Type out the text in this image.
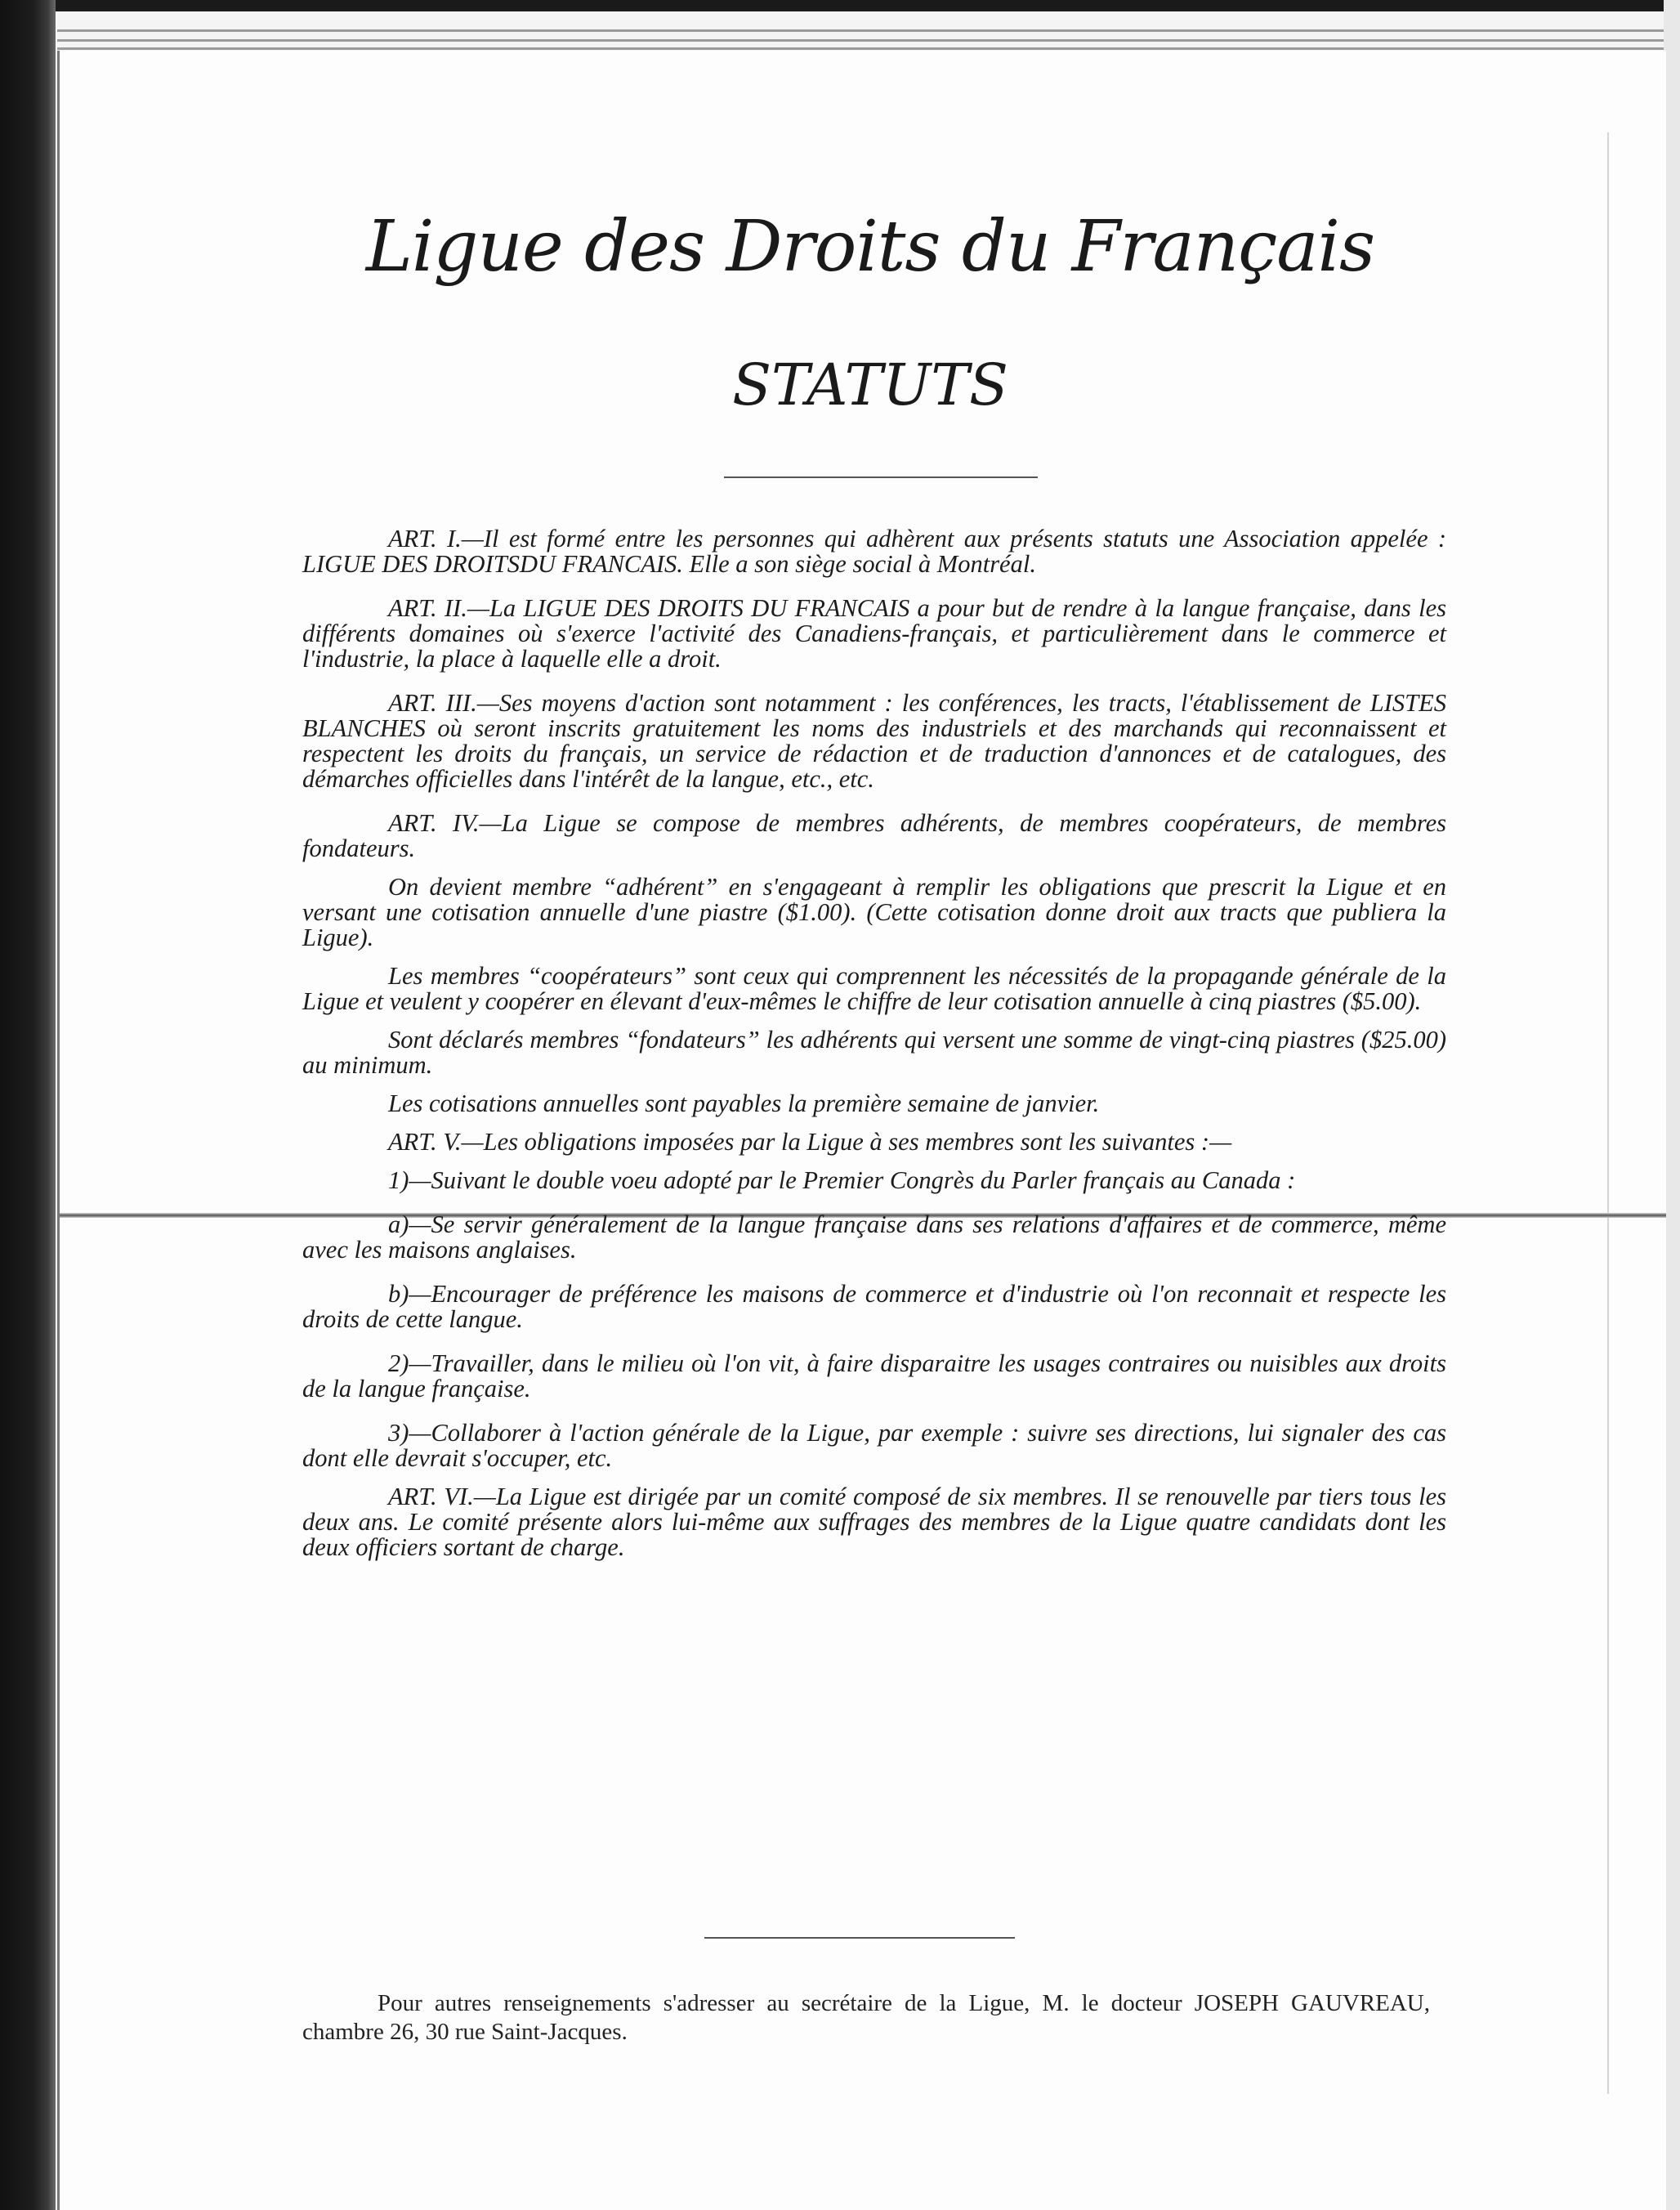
Ligue des Droits du Français
STATUTS

ART. I.—Il est formé entre les personnes qui adhèrent aux présents statuts une Association appelée : LIGUE DES DROITSDU FRANCAIS. Elle a son siège social à Montréal.

ART. II.—La LIGUE DES DROITS DU FRANCAIS a pour but de rendre à la langue française, dans les différents domaines où s'exerce l'activité des Canadiens-français, et particulièrement dans le commerce et l'industrie, la place à laquelle elle a droit.

ART. III.—Ses moyens d'action sont notamment : les conférences, les tracts, l'établissement de LISTES BLANCHES où seront inscrits gratuitement les noms des industriels et des marchands qui reconnaissent et respectent les droits du français, un service de rédaction et de traduction d'annonces et de catalogues, des démarches officielles dans l'intérêt de la langue, etc., etc.

ART. IV.—La Ligue se compose de membres adhérents, de membres coopérateurs, de membres fondateurs.

On devient membre “adhérent” en s'engageant à remplir les obligations que prescrit la Ligue et en versant une cotisation annuelle d'une piastre ($1.00). (Cette cotisation donne droit aux tracts que publiera la Ligue).

Les membres “coopérateurs” sont ceux qui comprennent les nécessités de la propagande générale de la Ligue et veulent y coopérer en élevant d'eux-mêmes le chiffre de leur cotisation annuelle à cinq piastres ($5.00).

Sont déclarés membres “fondateurs” les adhérents qui versent une somme de vingt-cinq piastres ($25.00) au minimum.

Les cotisations annuelles sont payables la première semaine de janvier.

ART. V.—Les obligations imposées par la Ligue à ses membres sont les suivantes :—

1)—Suivant le double voeu adopté par le Premier Congrès du Parler français au Canada :

a)—Se servir généralement de la langue française dans ses relations d'affaires et de commerce, même avec les maisons anglaises.

b)—Encourager de préférence les maisons de commerce et d'industrie où l'on reconnait et respecte les droits de cette langue.

2)—Travailler, dans le milieu où l'on vit, à faire disparaitre les usages contraires ou nuisibles aux droits de la langue française.

3)—Collaborer à l'action générale de la Ligue, par exemple : suivre ses directions, lui signaler des cas dont elle devrait s'occuper, etc.

ART. VI.—La Ligue est dirigée par un comité composé de six membres. Il se renouvelle par tiers tous les deux ans. Le comité présente alors lui-même aux suffrages des membres de la Ligue quatre candidats dont les deux officiers sortant de charge.

Pour autres renseignements s'adresser au secrétaire de la Ligue, M. le docteur JOSEPH GAUVREAU, chambre 26, 30 rue Saint-Jacques.
